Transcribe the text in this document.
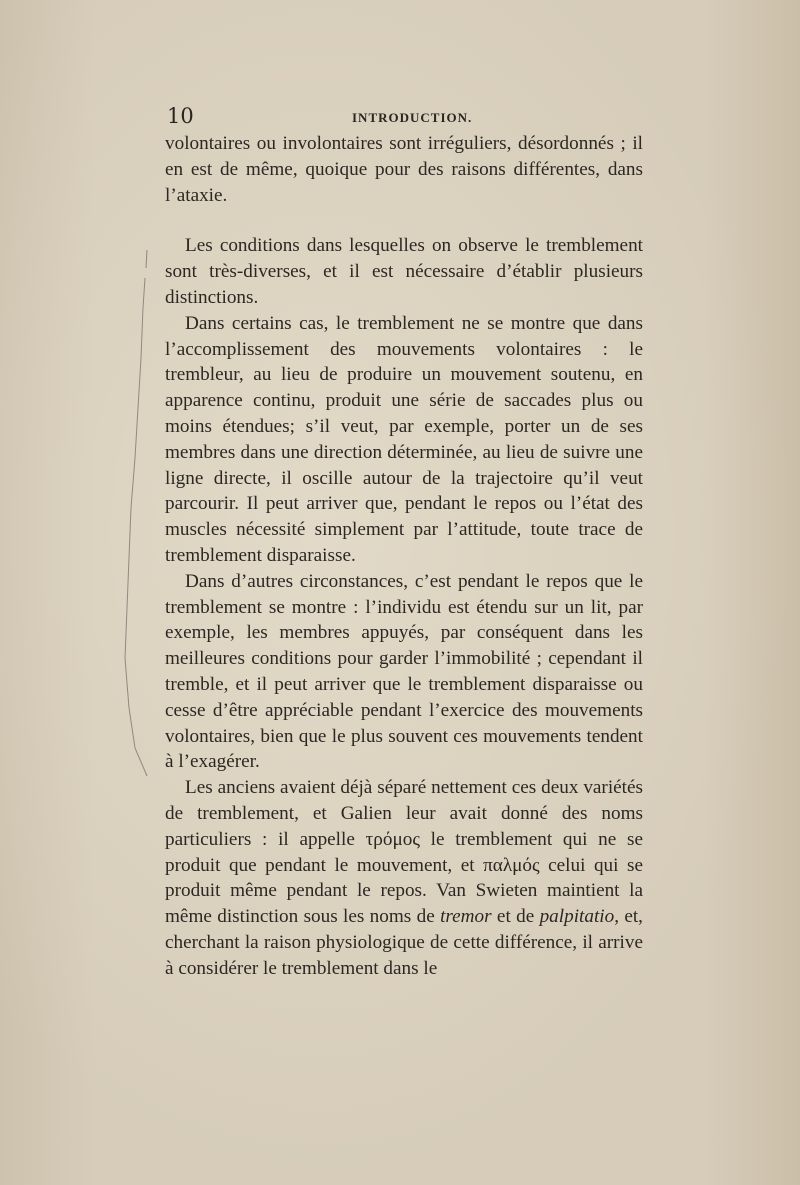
10	INTRODUCTION.

volontaires ou involontaires sont irréguliers, désordonnés ; il en est de même, quoique pour des raisons différentes, dans l’ataxie.

Les conditions dans lesquelles on observe le tremblement sont très-diverses, et il est nécessaire d’établir plusieurs distinctions.

Dans certains cas, le tremblement ne se montre que dans l’accomplissement des mouvements volontaires : le trembleur, au lieu de produire un mouvement soutenu, en apparence continu, produit une série de saccades plus ou moins étendues; s’il veut, par exemple, porter un de ses membres dans une direction déterminée, au lieu de suivre une ligne directe, il oscille autour de la trajectoire qu’il veut parcourir. Il peut arriver que, pendant le repos ou l’état des muscles nécessité simplement par l’attitude, toute trace de tremblement disparaisse.

Dans d’autres circonstances, c’est pendant le repos que le tremblement se montre : l’individu est étendu sur un lit, par exemple, les membres appuyés, par conséquent dans les meilleures conditions pour garder l’immobilité ; cependant il tremble, et il peut arriver que le tremblement disparaisse ou cesse d’être appréciable pendant l’exercice des mouvements volontaires, bien que le plus souvent ces mouvements tendent à l’exagérer.

Les anciens avaient déjà séparé nettement ces deux variétés de tremblement, et Galien leur avait donné des noms particuliers : il appelle τρόμος le tremblement qui ne se produit que pendant le mouvement, et παλμός celui qui se produit même pendant le repos. Van Swieten maintient la même distinction sous les noms de tremor et de palpitatio, et, cherchant la raison physiologique de cette différence, il arrive à considérer le tremblement dans le
